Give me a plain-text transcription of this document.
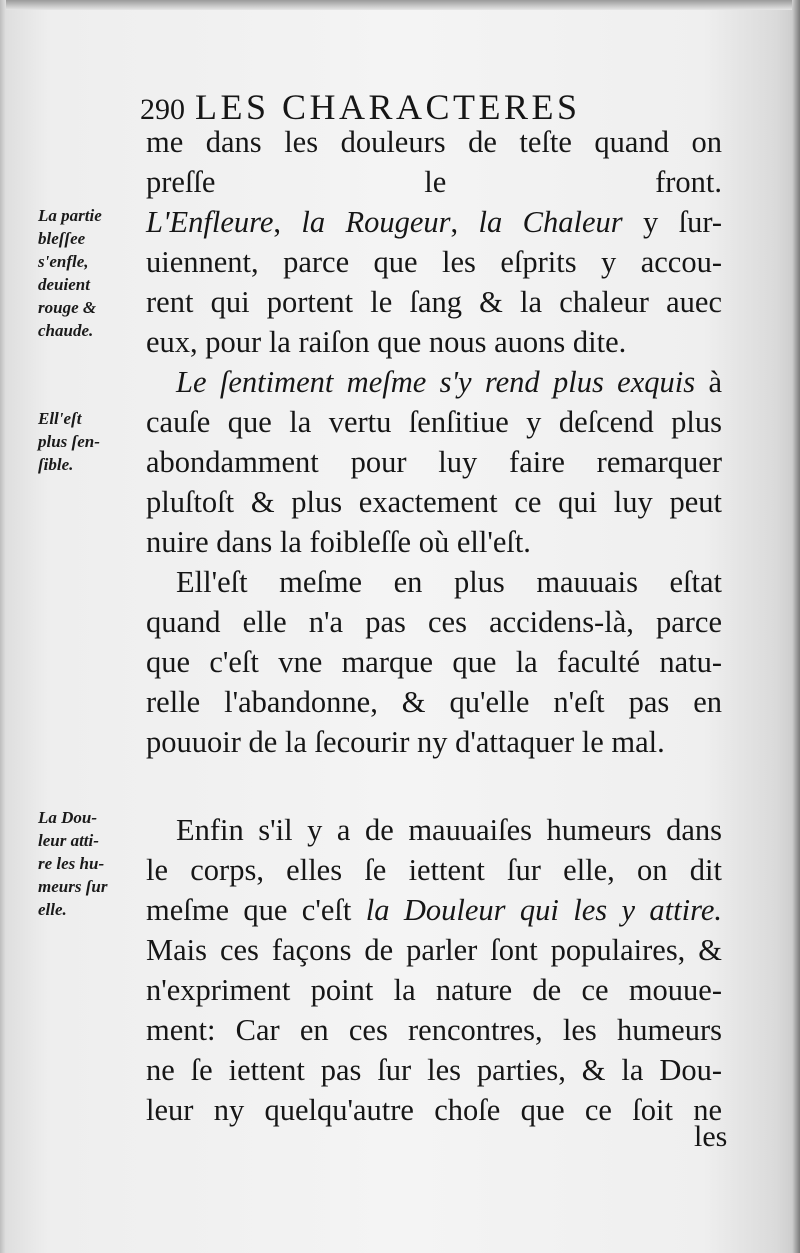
290 LES CHARACTERES
La partie
bleſſee
s'enfle,
deuient
rouge &
chaude.
Ell'eſt
plus ſen-
ſible.
La Dou-
leur atti-
re les hu-
meurs ſur
elle.
me dans les douleurs de teſte quand on
preſſe le front.
L'Enfleure, la Rougeur, la Chaleur y ſur-
uiennent, parce que les eſprits y accou-
rent qui portent le ſang & la chaleur auec
eux, pour la raiſon que nous auons dite.
Le ſentiment meſme s'y rend plus exquis à
cauſe que la vertu ſenſitiue y deſcend plus
abondamment pour luy faire remarquer
pluſtoſt & plus exactement ce qui luy peut
nuire dans la foibleſſe où ell'eſt.
Ell'eſt meſme en plus mauuais eſtat
quand elle n'a pas ces accidens-là, parce
que c'eſt vne marque que la faculté natu-
relle l'abandonne, & qu'elle n'eſt pas en
pouuoir de la ſecourir ny d'attaquer le mal.
Enfin s'il y a de mauuaiſes humeurs dans
le corps, elles ſe iettent ſur elle, on dit
meſme que c'eſt la Douleur qui les y attire.
Mais ces façons de parler ſont populaires, &
n'expriment point la nature de ce mouue-
ment: Car en ces rencontres, les humeurs
ne ſe iettent pas ſur les parties, & la Dou-
leur ny quelqu'autre choſe que ce ſoit ne
les
